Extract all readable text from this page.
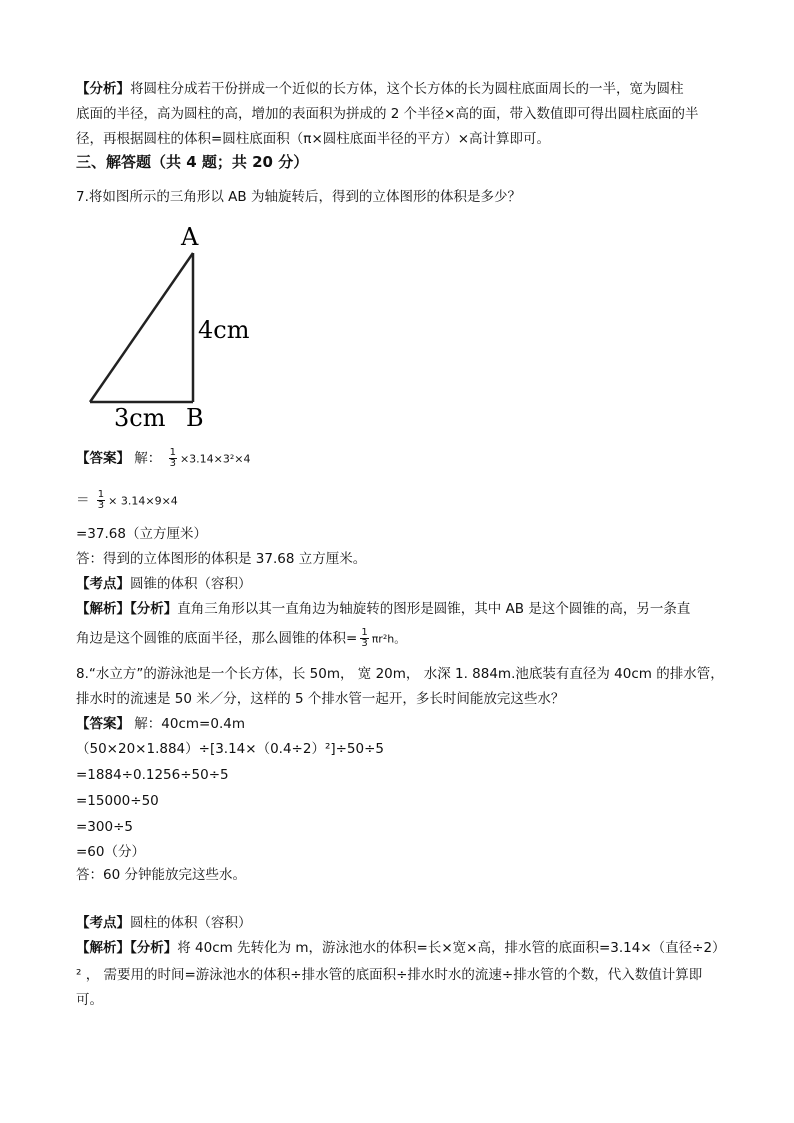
【分析】将圆柱分成若干份拼成一个近似的长方体，这个长方体的长为圆柱底面周长的一半，宽为圆柱
底面的半径，高为圆柱的高，增加的表面积为拼成的 2 个半径×高的面，带入数值即可得出圆柱底面的半
径，再根据圆柱的体积=圆柱底面积（π×圆柱底面半径的平方）×高计算即可。
三、解答题（共 4 题；共 20 分）
7.将如图所示的三角形以 AB 为轴旋转后，得到的立体图形的体积是多少？
A
B
4cm
3cm
【答案】 解： $\frac{1}{3} \times 3.14\times 3^2\times 4$
＝ $\frac{1}{3} \times 3.14\times 9\times 4$
=37.68（立方厘米）
答：得到的立体图形的体积是 37.68 立方厘米。
【考点】圆锥的体积（容积）
【解析】【分析】直角三角形以其一直角边为轴旋转的图形是圆锥，其中 AB 是这个圆锥的高，另一条直
角边是这个圆锥的底面半径，那么圆锥的体积= $\frac{1}{3} \pi r^2h$。
8.“水立方”的游泳池是一个长方体，长 50m， 宽 20m， 水深 1. 884m.池底装有直径为 40cm 的排水管，
排水时的流速是 50 米／分，这样的 5 个排水管一起开，多长时间能放完这些水？
【答案】 解：40cm=0.4m
（50×20×1.884）÷[3.14×（0.4÷2）²]÷50÷5
=1884÷0.1256÷50÷5
=15000÷50
=300÷5
=60（分）
答：60 分钟能放完这些水。
【考点】圆柱的体积（容积）
【解析】【分析】将 40cm 先转化为 m，游泳池水的体积=长×宽×高，排水管的底面积=3.14×（直径÷2）
² ， 需要用的时间=游泳池水的体积÷排水管的底面积÷排水时水的流速÷排水管的个数，代入数值计算即
可。
